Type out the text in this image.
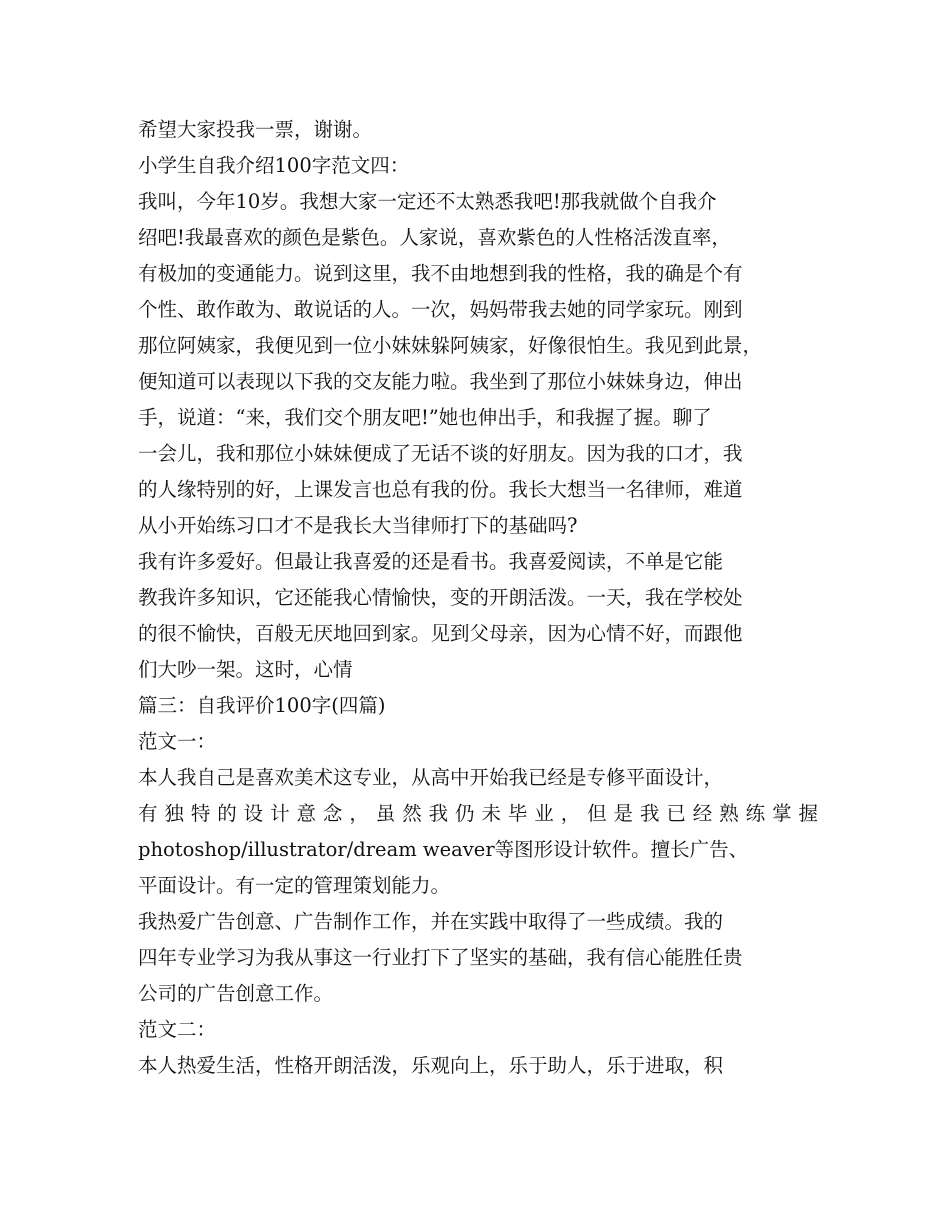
希望大家投我一票，谢谢。
小学生自我介绍100字范文四：
我叫，今年10岁。我想大家一定还不太熟悉我吧!那我就做个自我介
绍吧!我最喜欢的颜色是紫色。人家说，喜欢紫色的人性格活泼直率，
有极加的变通能力。说到这里，我不由地想到我的性格，我的确是个有
个性、敢作敢为、敢说话的人。一次，妈妈带我去她的同学家玩。刚到
那位阿姨家，我便见到一位小妹妹躲阿姨家，好像很怕生。我见到此景，
便知道可以表现以下我的交友能力啦。我坐到了那位小妹妹身边，伸出
手，说道：“来，我们交个朋友吧!”她也伸出手，和我握了握。聊了
一会儿，我和那位小妹妹便成了无话不谈的好朋友。因为我的口才，我
的人缘特别的好，上课发言也总有我的份。我长大想当一名律师，难道
从小开始练习口才不是我长大当律师打下的基础吗?
我有许多爱好。但最让我喜爱的还是看书。我喜爱阅读，不单是它能
教我许多知识，它还能我心情愉快，变的开朗活泼。一天，我在学校处
的很不愉快，百般无厌地回到家。见到父母亲，因为心情不好，而跟他
们大吵一架。这时，心情
篇三：自我评价100字(四篇)
范文一：
本人我自己是喜欢美术这专业，从高中开始我已经是专修平面设计，
有独特的设计意念，虽然我仍未毕业，但是我已经熟练掌握
photoshop/illustrator/dream weaver等图形设计软件。擅长广告、
平面设计。有一定的管理策划能力。
我热爱广告创意、广告制作工作，并在实践中取得了一些成绩。我的
四年专业学习为我从事这一行业打下了坚实的基础，我有信心能胜任贵
公司的广告创意工作。
范文二：
本人热爱生活，性格开朗活泼，乐观向上，乐于助人，乐于进取，积
